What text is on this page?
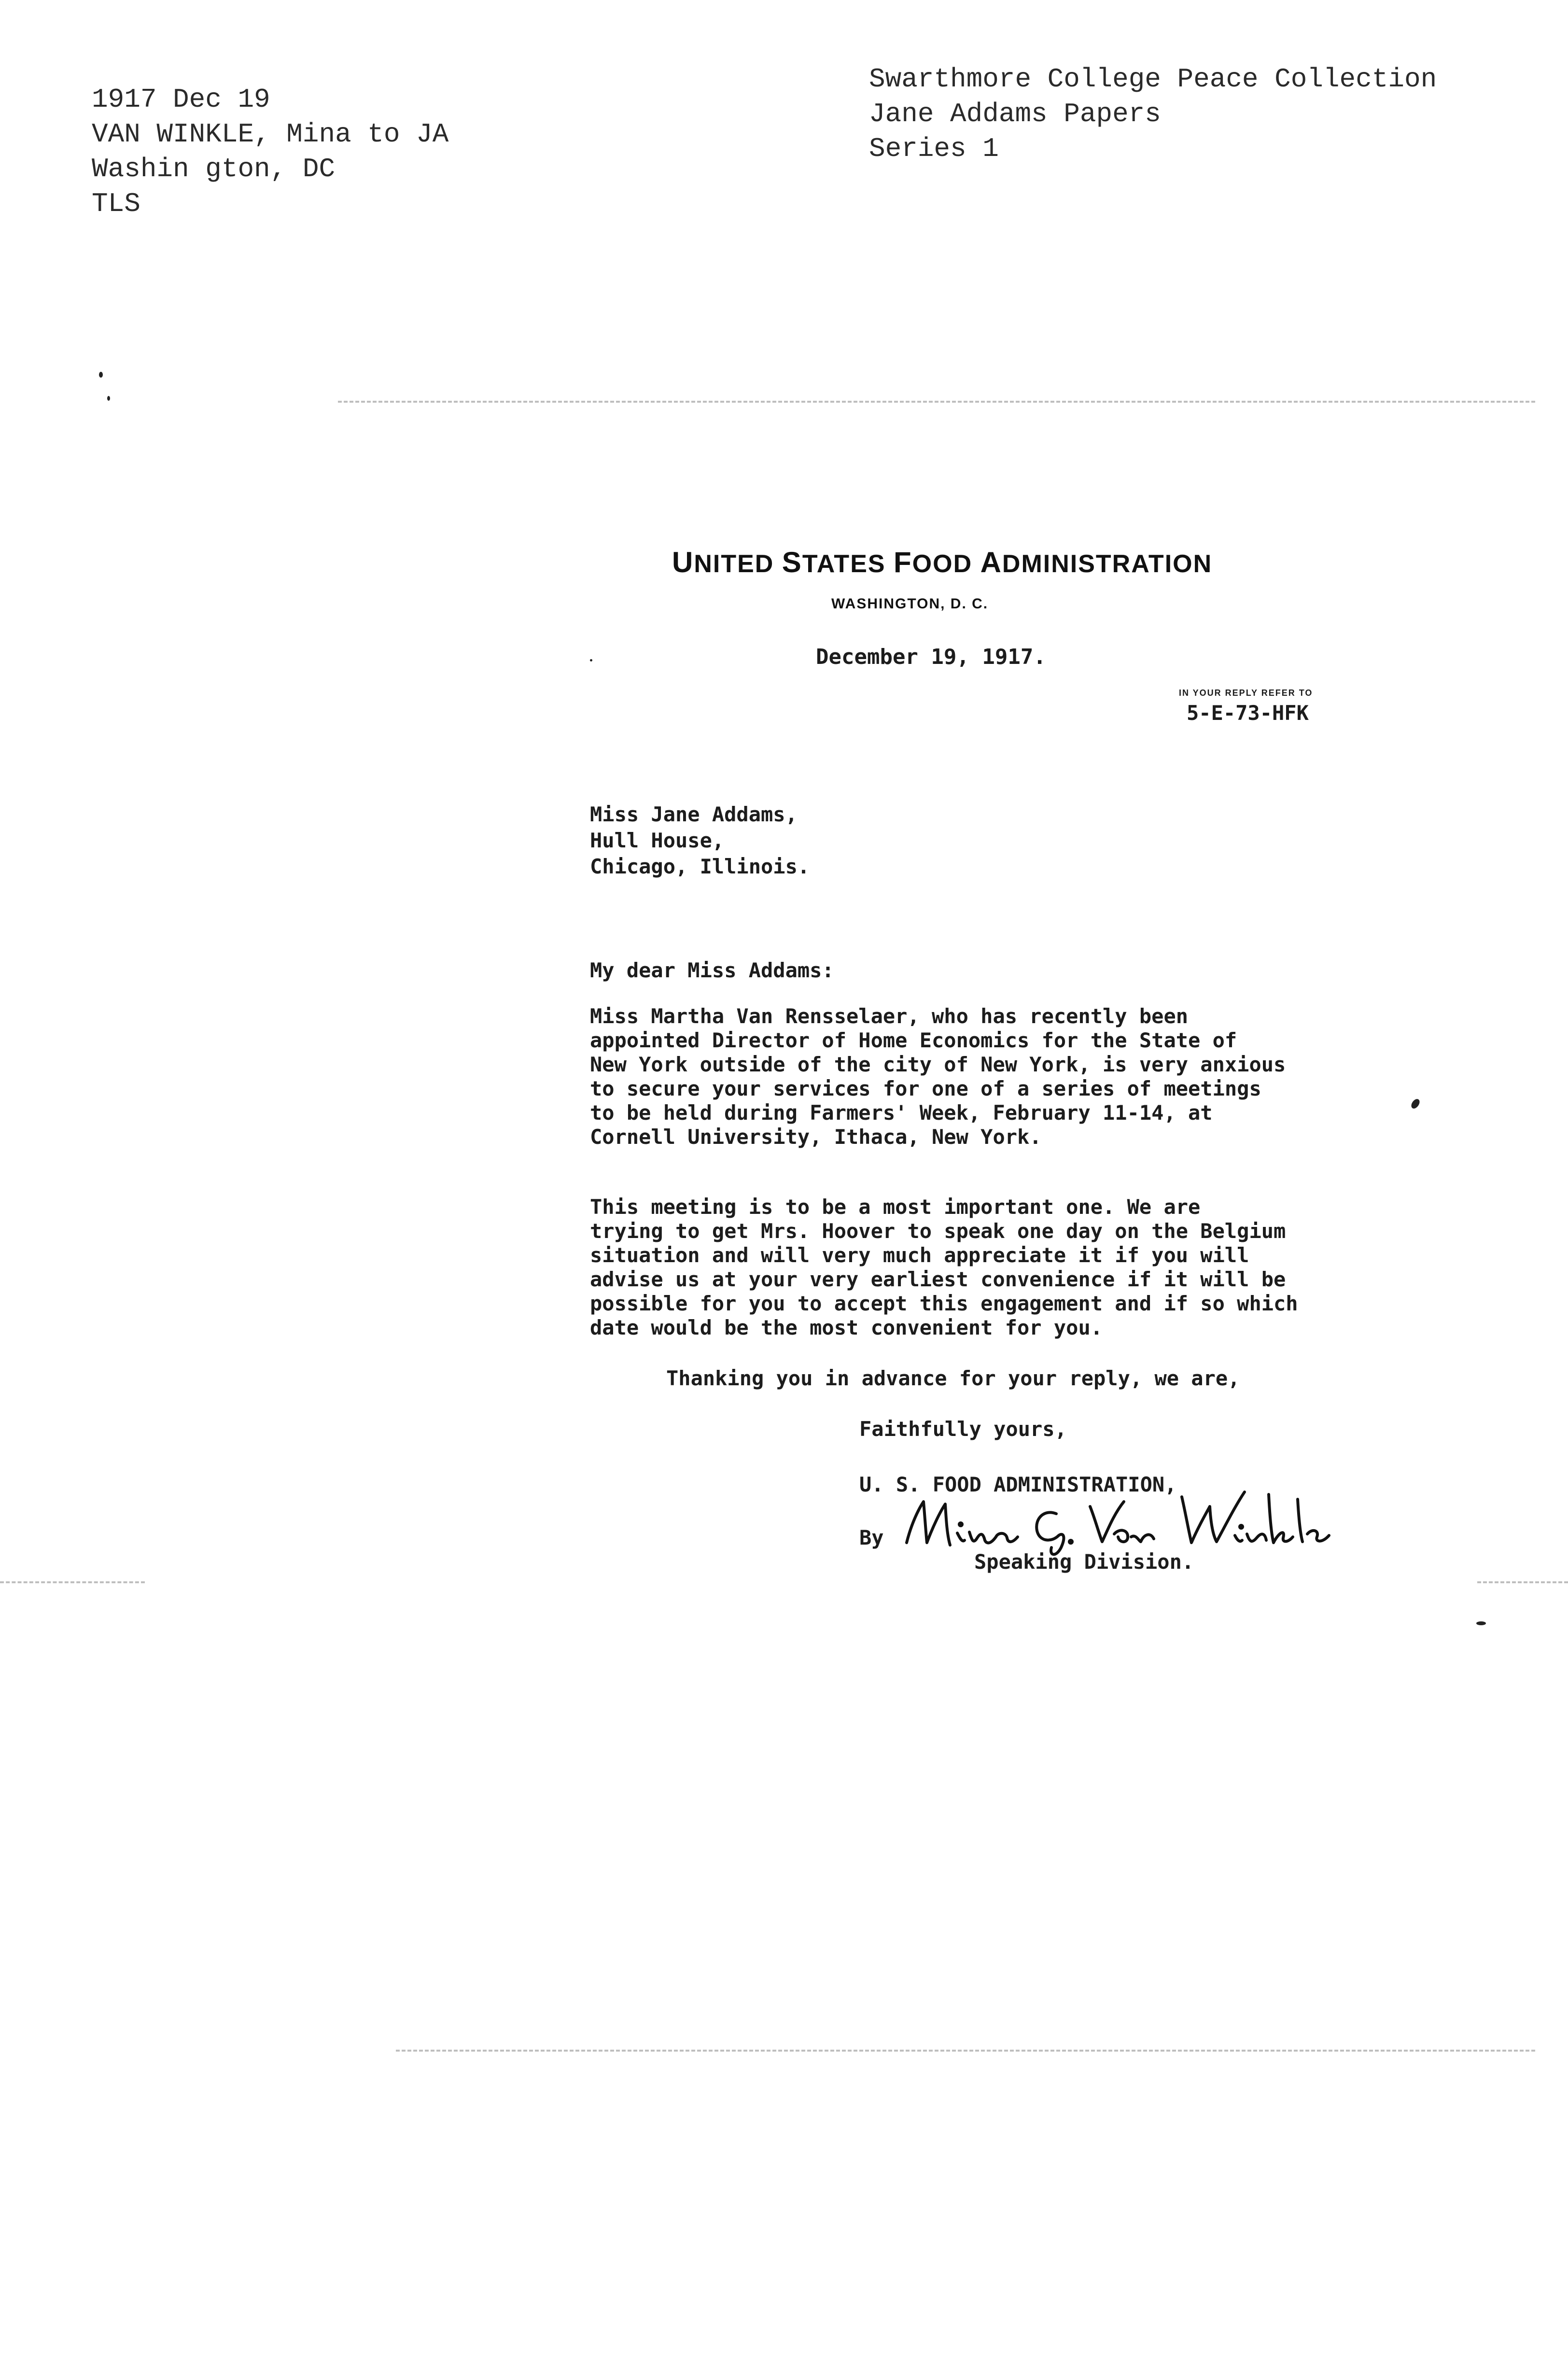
1917 Dec 19
VAN WINKLE, Mina to JA
Washin gton, DC
TLS
Swarthmore College Peace Collection
Jane Addams Papers
Series 1
UNITED STATES FOOD ADMINISTRATION
WASHINGTON, D. C.
December 19, 1917.
IN YOUR REPLY REFER TO
5-E-73-HFK
Miss Jane Addams,
Hull House,
Chicago, Illinois.
My dear Miss Addams:
Miss Martha Van Rensselaer, who has recently been
appointed Director of Home Economics for the State of
New York outside of the city of New York, is very anxious
to secure your services for one of a series of meetings
to be held during Farmers' Week, February 11-14, at
Cornell University, Ithaca, New York.
This meeting is to be a most important one. We are
trying to get Mrs. Hoover to speak one day on the Belgium
situation and will very much appreciate it if you will
advise us at your very earliest convenience if it will be
possible for you to accept this engagement and if so which
date would be the most convenient for you.
Thanking you in advance for your reply, we are,
Faithfully yours,
U. S. FOOD ADMINISTRATION,
By
Speaking Division.
